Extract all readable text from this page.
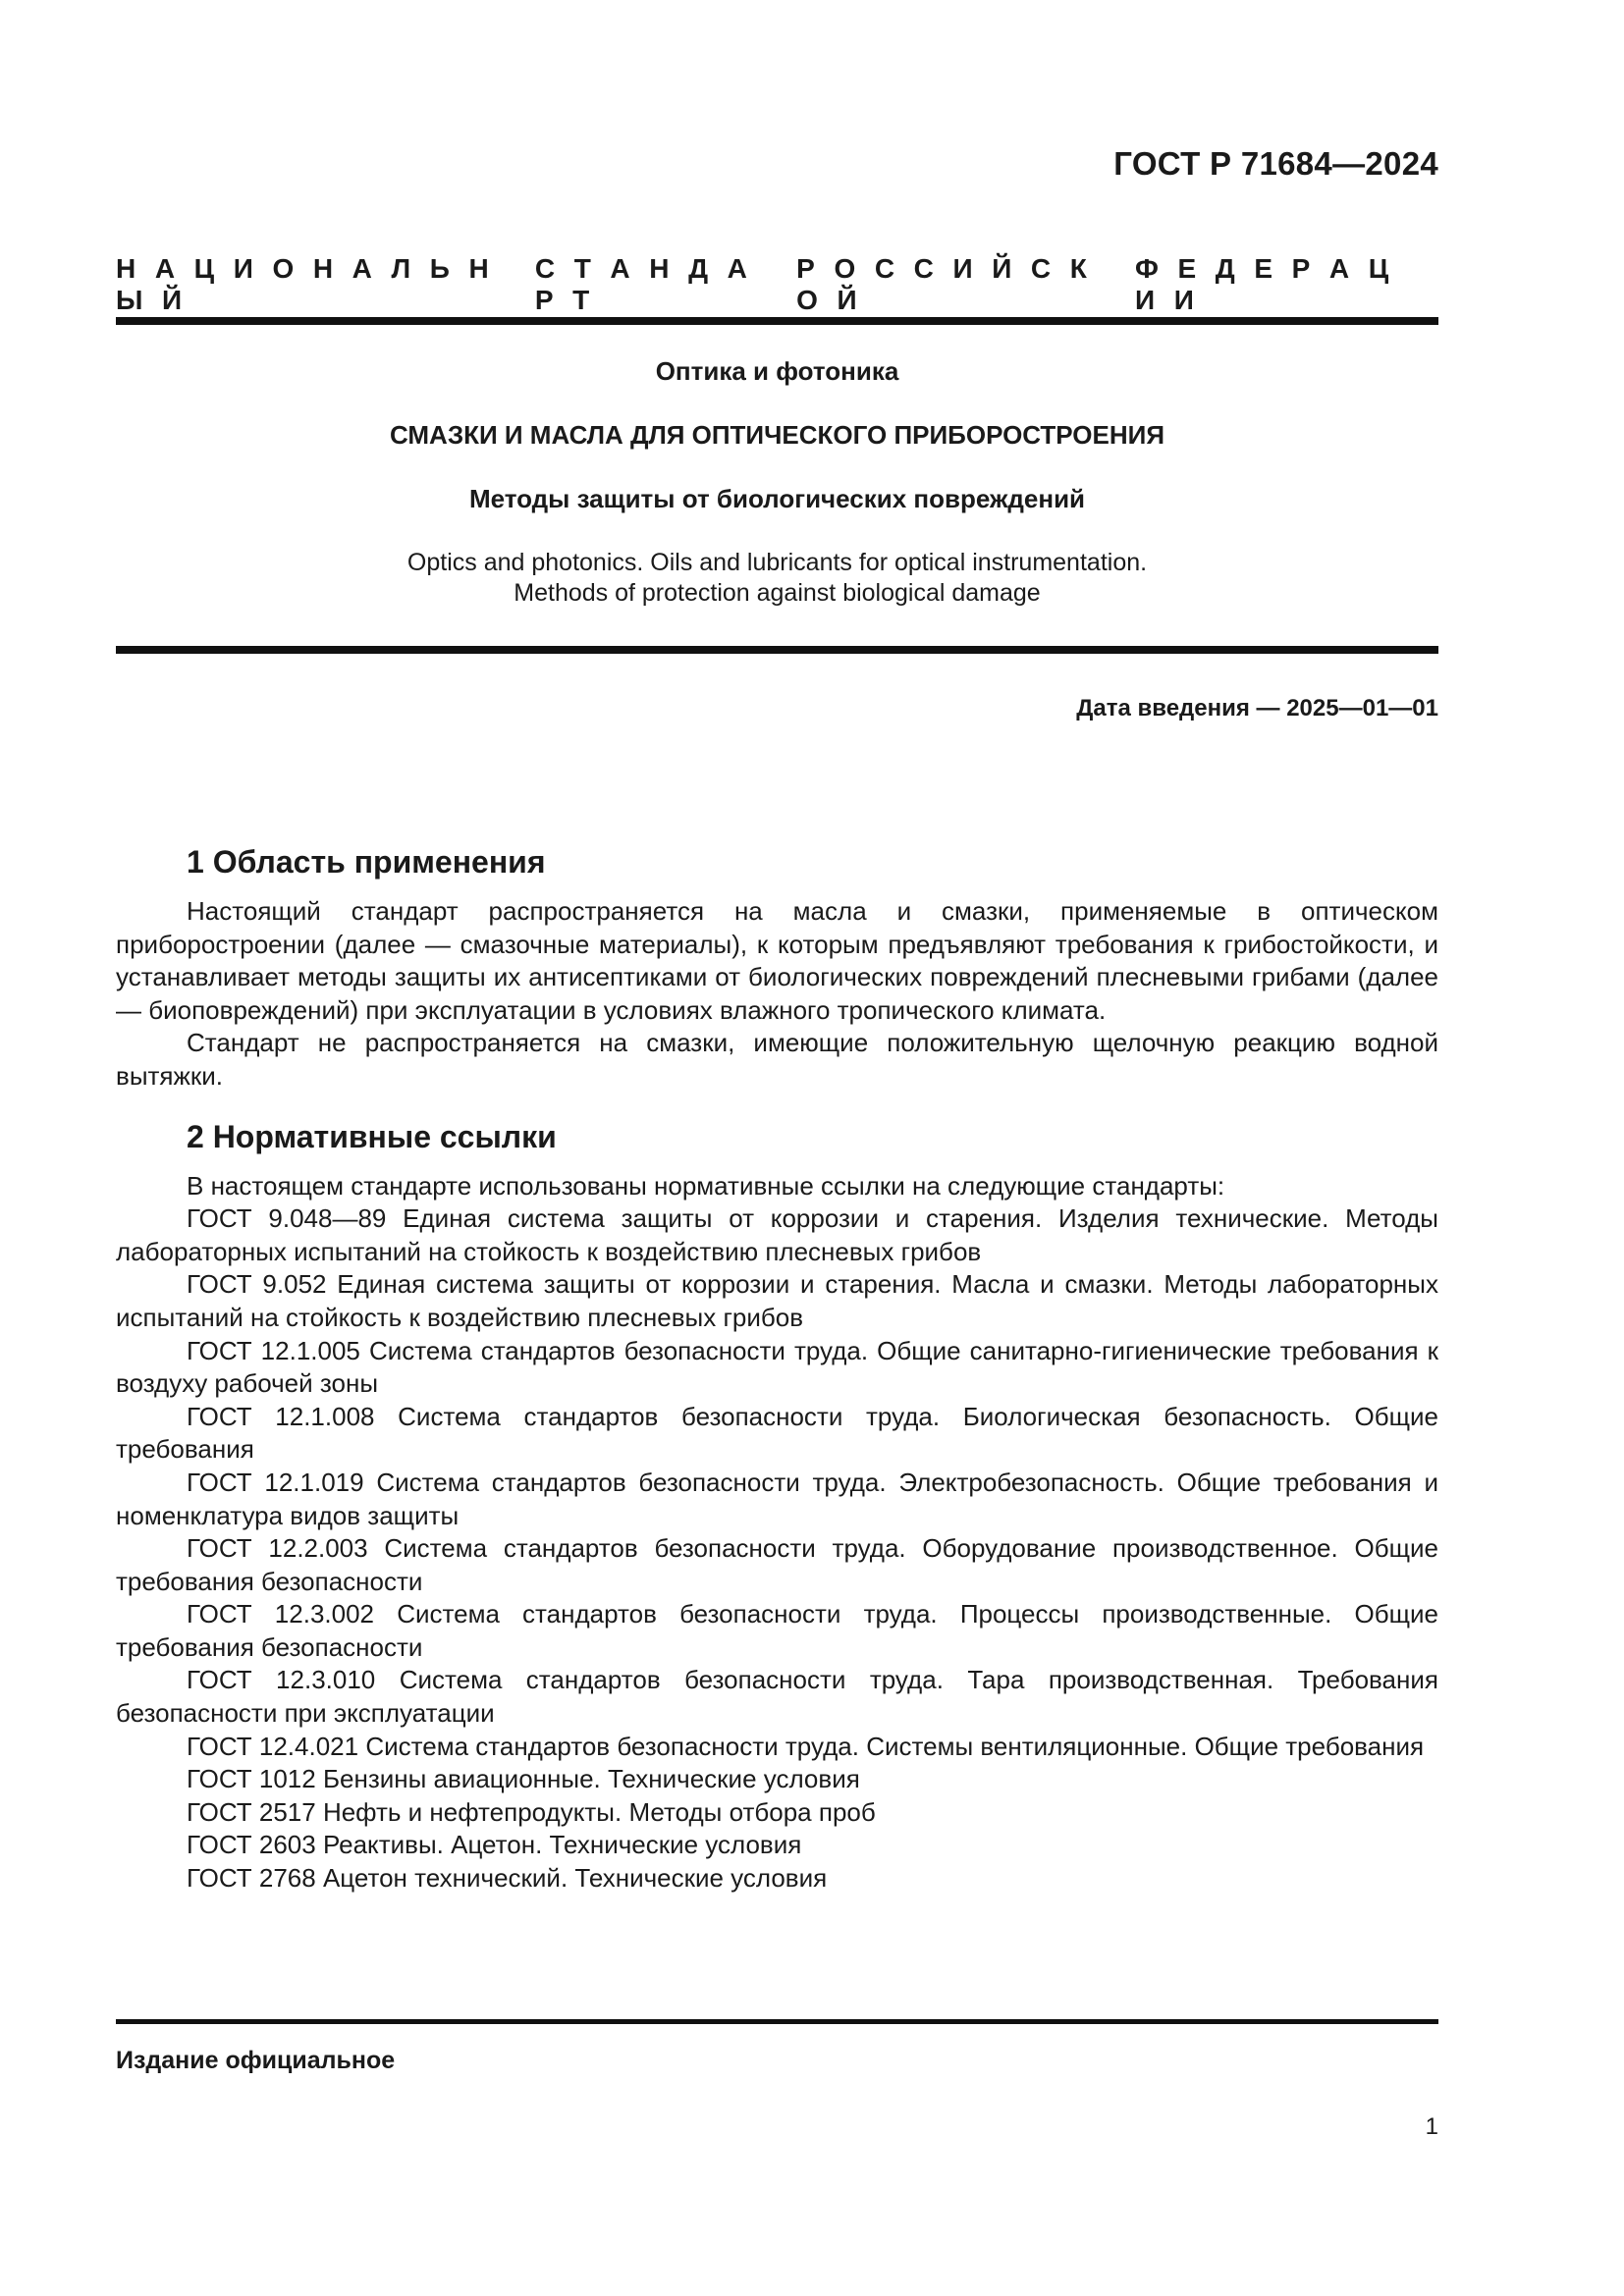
ГОСТ Р 71684—2024
Н  А  Ц  И  О  Н  А  Л  Ь  Н  Ы  Й
С  Т  А  Н  Д  А  Р  Т
Р  О  С  С  И  Й  С  К  О  Й
Ф  Е  Д  Е  Р  А  Ц  И  И
Оптика и фотоника
СМАЗКИ И МАСЛА ДЛЯ ОПТИЧЕСКОГО ПРИБОРОСТРОЕНИЯ
Методы защиты от биологических повреждений
Optics and photonics. Oils and lubricants for optical instrumentation.
Methods of protection against biological damage
Дата введения — 2025—01—01
1 Область применения

Настоящий стандарт распространяется на масла и смазки, применяемые в оптическом приборостроении (далее — смазочные материалы), к которым предъявляют требования к грибостойкости, и устанавливает методы защиты их антисептиками от биологических повреждений плесневыми грибами (далее — биоповреждений) при эксплуатации в условиях влажного тропического климата.

Стандарт не распространяется на смазки, имеющие положительную щелочную реакцию водной вытяжки.

2 Нормативные ссылки

В настоящем стандарте использованы нормативные ссылки на следующие стандарты:

ГОСТ 9.048—89 Единая система защиты от коррозии и старения. Изделия технические. Методы лабораторных испытаний на стойкость к воздействию плесневых грибов
ГОСТ 9.052 Единая система защиты от коррозии и старения. Масла и смазки. Методы лабораторных испытаний на стойкость к воздействию плесневых грибов
ГОСТ 12.1.005 Система стандартов безопасности труда. Общие санитарно-гигиенические требования к воздуху рабочей зоны
ГОСТ 12.1.008 Система стандартов безопасности труда. Биологическая безопасность. Общие требования
ГОСТ 12.1.019 Система стандартов безопасности труда. Электробезопасность. Общие требования и номенклатура видов защиты
ГОСТ 12.2.003 Система стандартов безопасности труда. Оборудование производственное. Общие требования безопасности
ГОСТ 12.3.002 Система стандартов безопасности труда. Процессы производственные. Общие требования безопасности
ГОСТ 12.3.010 Система стандартов безопасности труда. Тара производственная. Требования безопасности при эксплуатации
ГОСТ 12.4.021 Система стандартов безопасности труда. Системы вентиляционные. Общие требования
ГОСТ 1012 Бензины авиационные. Технические условия
ГОСТ 2517 Нефть и нефтепродукты. Методы отбора проб
ГОСТ 2603 Реактивы. Ацетон. Технические условия
ГОСТ 2768 Ацетон технический. Технические условия
Издание официальное
1
